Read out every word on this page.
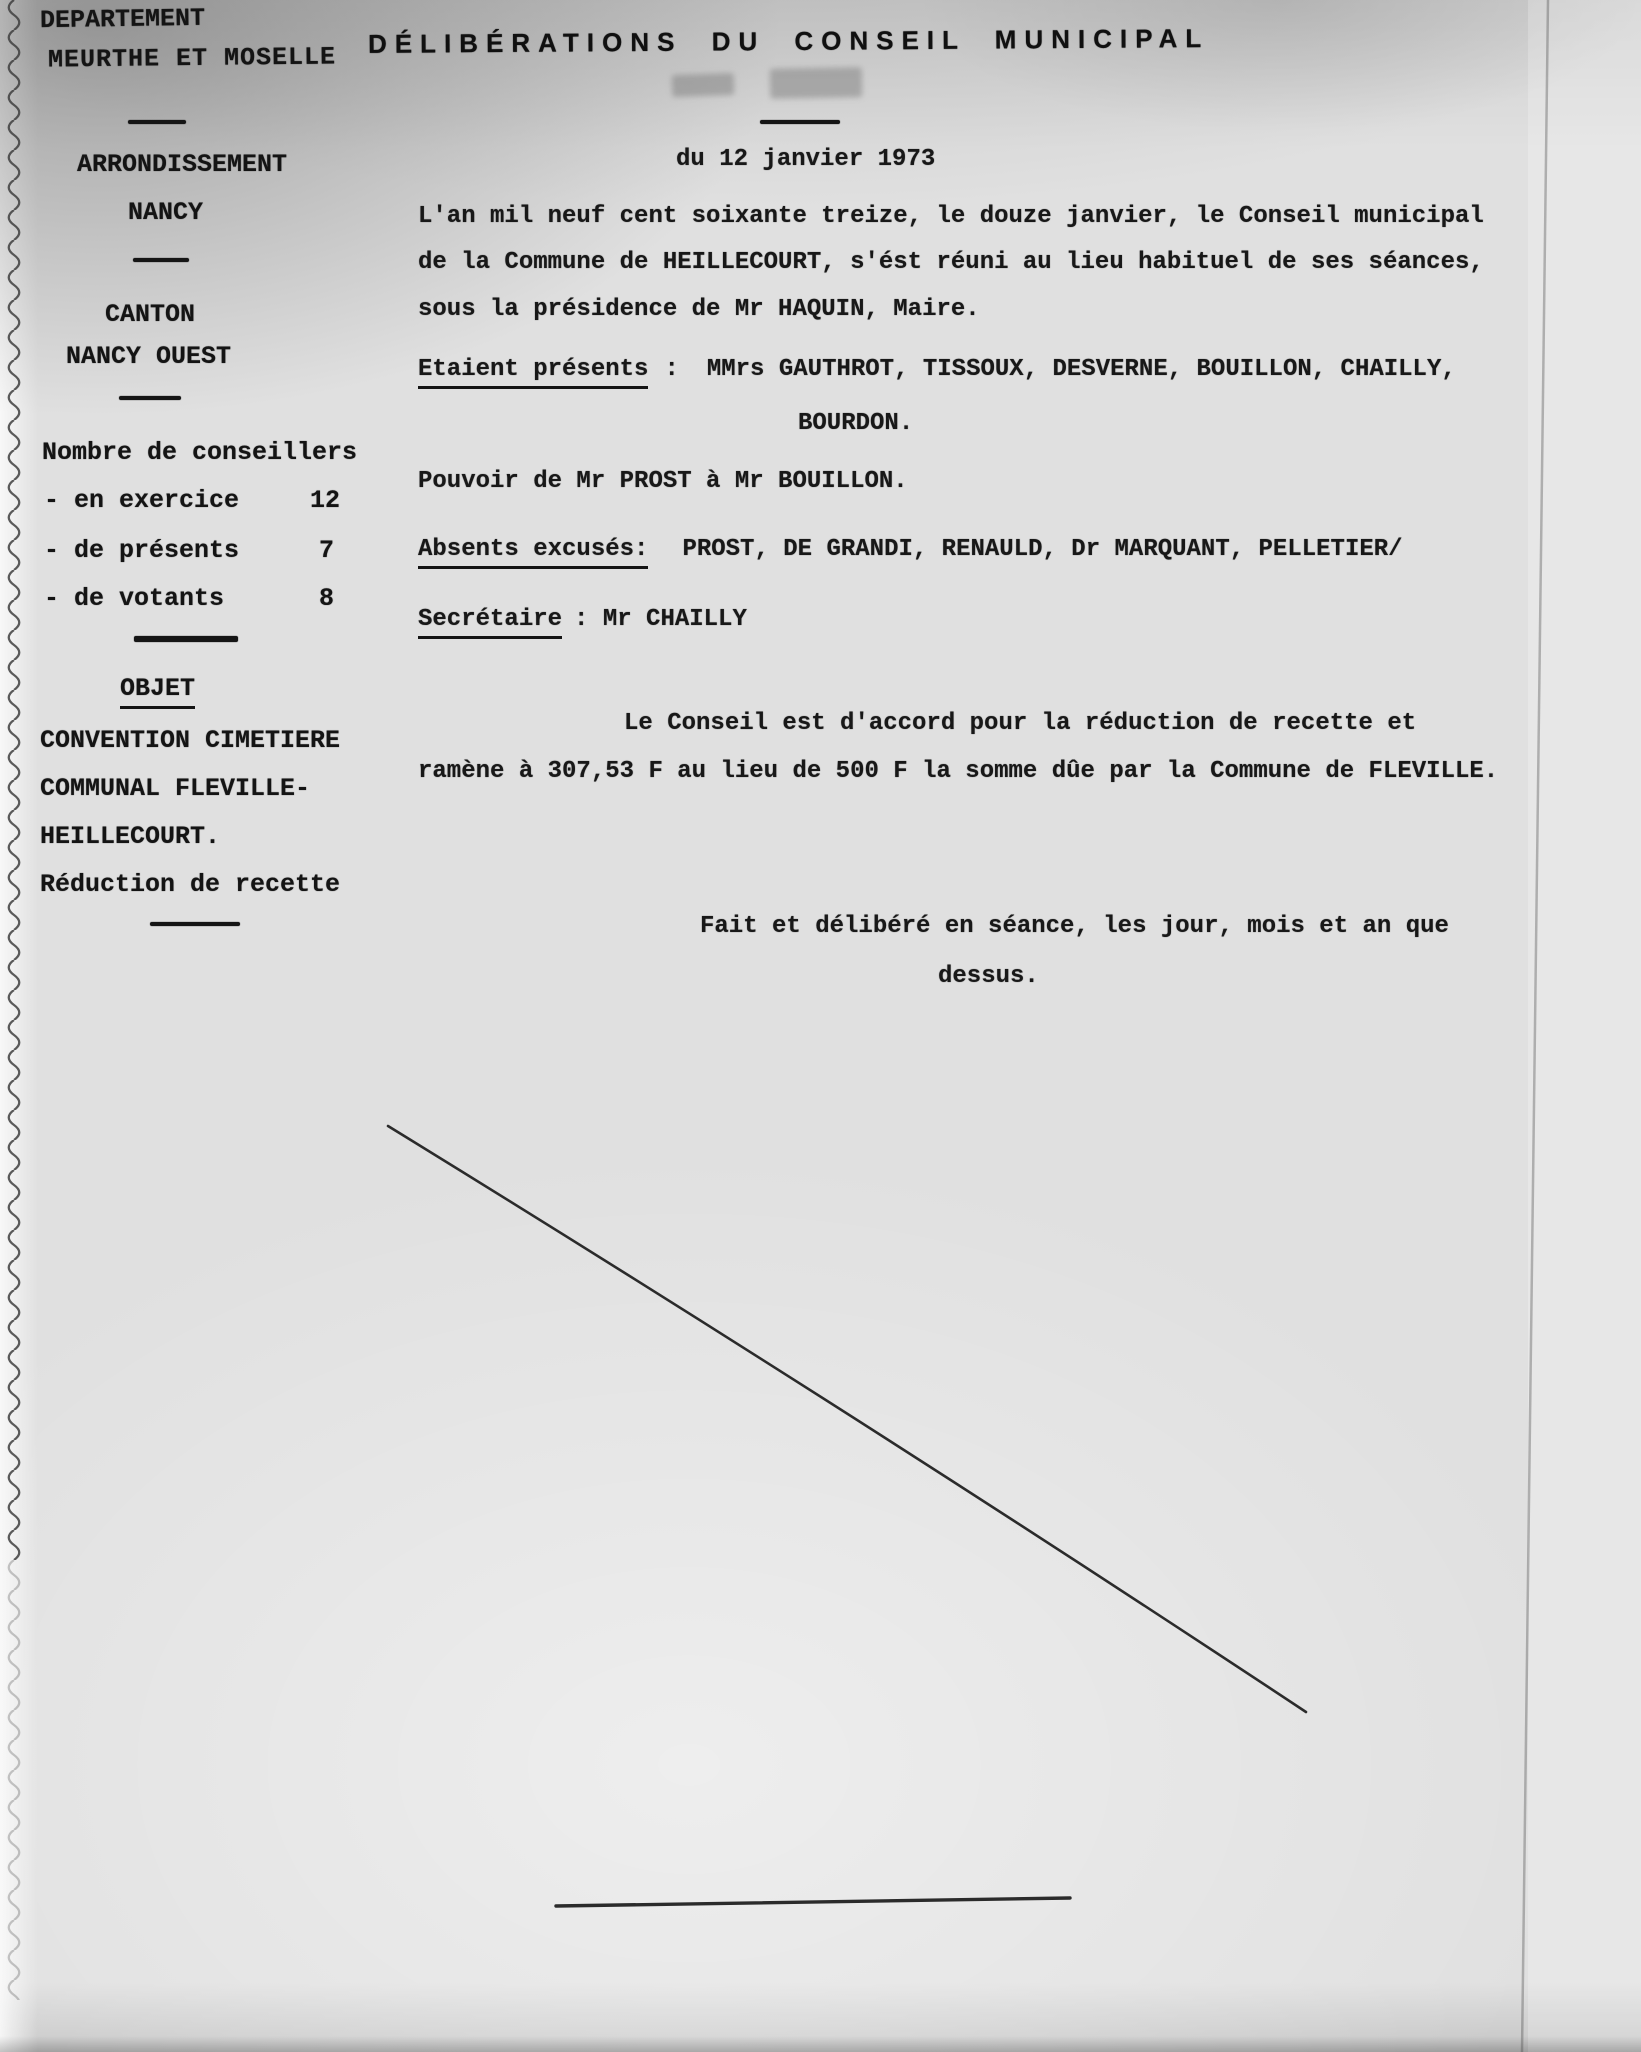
DEPARTEMENT
MEURTHE ET MOSELLE
ARRONDISSEMENT
NANCY
CANTON
NANCY OUEST
Nombre de conseillers
- en exercice	12
- de présents	7
- de votants	8
OBJET
CONVENTION CIMETIERE
COMMUNAL FLEVILLE-
HEILLECOURT.
Réduction de recette
DÉLIBÉRATIONS DU CONSEIL MUNICIPAL
du 12 janvier 1973
L'an mil neuf cent soixante treize, le douze janvier, le Conseil municipal
de la Commune de HEILLECOURT, s'ést réuni au lieu habituel de ses séances,
sous la présidence de Mr HAQUIN, Maire.
Etaient présents : MMrs GAUTHROT, TISSOUX, DESVERNE, BOUILLON, CHAILLY,
BOURDON.
Pouvoir de Mr PROST à Mr BOUILLON.
Absents excusés: PROST, DE GRANDI, RENAULD, Dr MARQUANT, PELLETIER/
Secrétaire : Mr CHAILLY
Le Conseil est d'accord pour la réduction de recette et
ramène à 307,53 F au lieu de 500 F la somme dûe par la Commune de FLEVILLE.
Fait et délibéré en séance, les jour, mois et an que
dessus.
